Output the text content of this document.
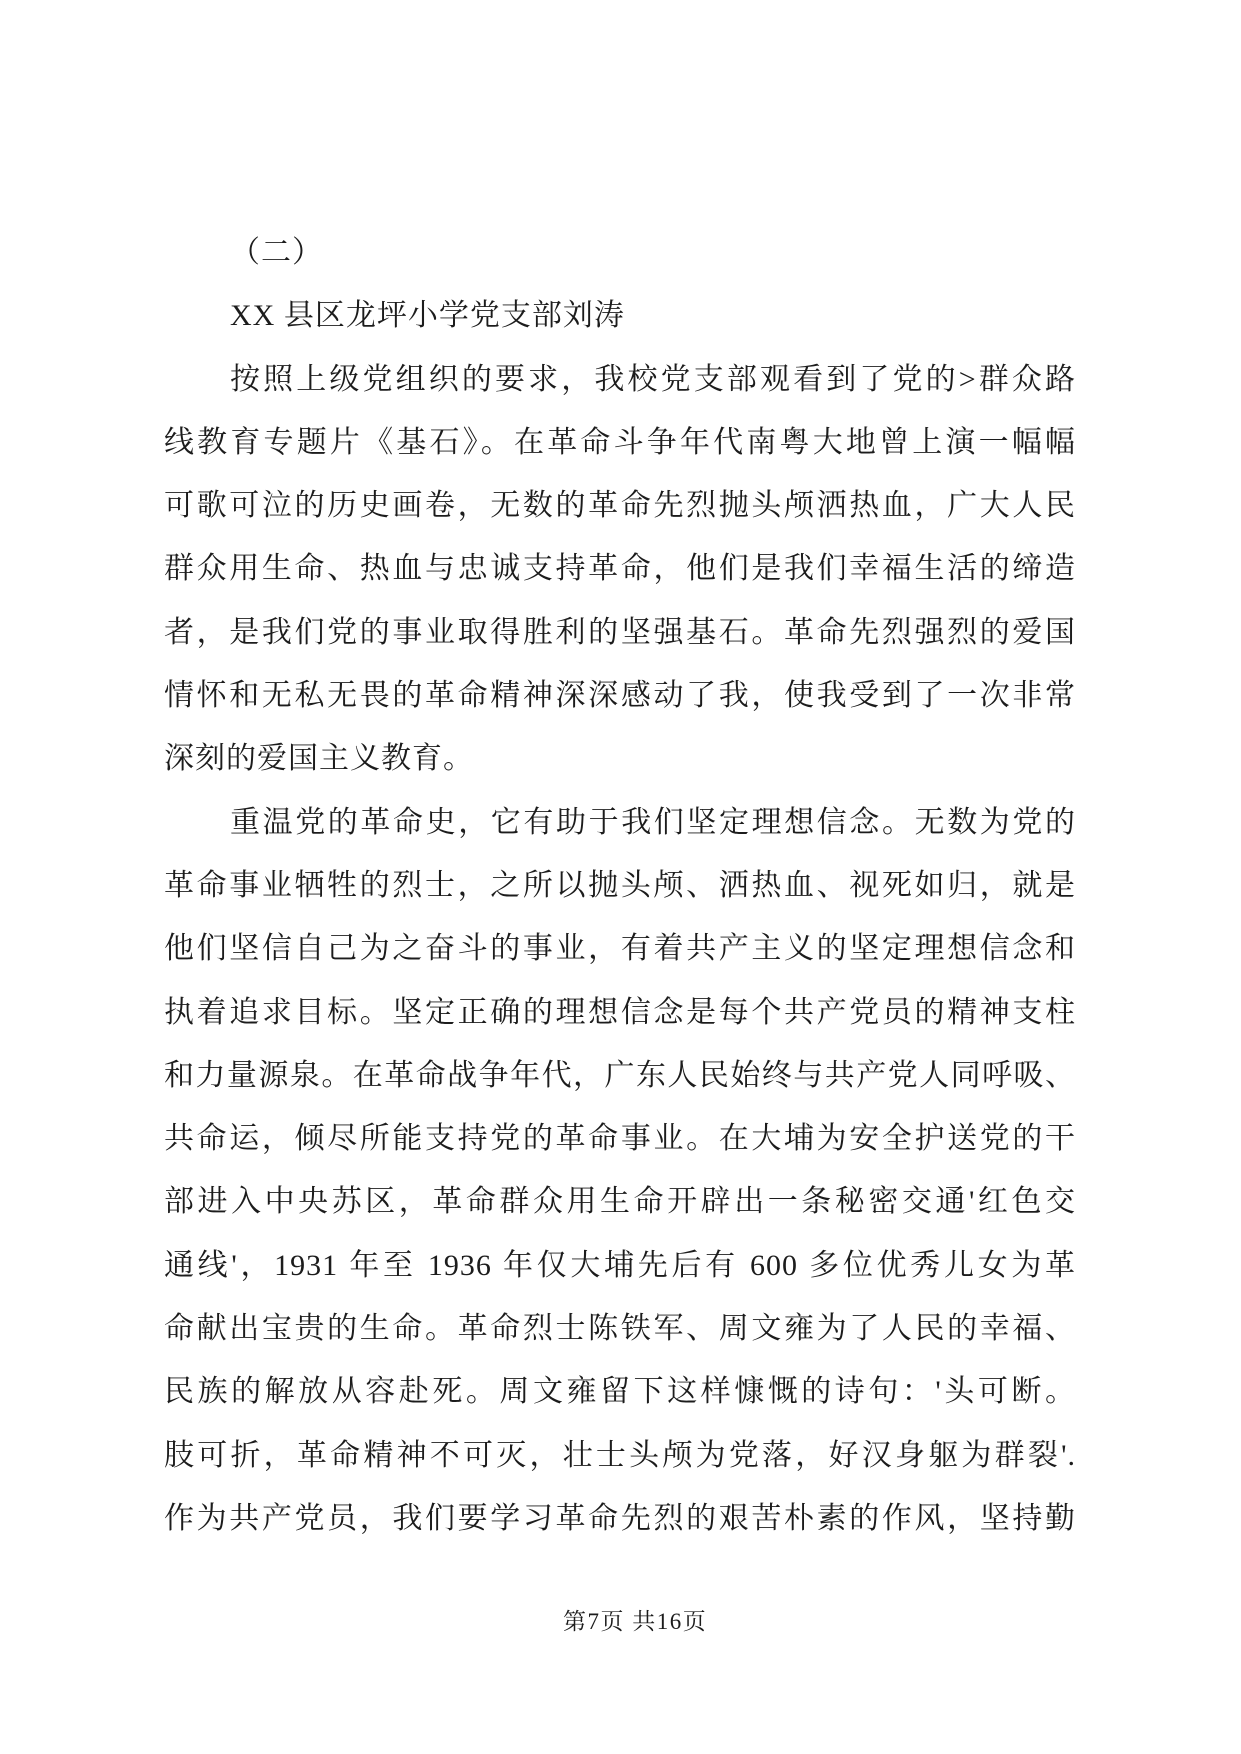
（二）
XX 县区龙坪小学党支部刘涛
按照上级党组织的要求，我校党支部观看到了党的>群众路
线教育专题片《基石》。在革命斗争年代南粤大地曾上演一幅幅
可歌可泣的历史画卷，无数的革命先烈抛头颅洒热血，广大人民
群众用生命、热血与忠诚支持革命，他们是我们幸福生活的缔造
者，是我们党的事业取得胜利的坚强基石。革命先烈强烈的爱国
情怀和无私无畏的革命精神深深感动了我，使我受到了一次非常
深刻的爱国主义教育。
重温党的革命史，它有助于我们坚定理想信念。无数为党的
革命事业牺牲的烈士，之所以抛头颅、洒热血、视死如归，就是
他们坚信自己为之奋斗的事业，有着共产主义的坚定理想信念和
执着追求目标。坚定正确的理想信念是每个共产党员的精神支柱
和力量源泉。在革命战争年代，广东人民始终与共产党人同呼吸、
共命运，倾尽所能支持党的革命事业。在大埔为安全护送党的干
部进入中央苏区，革命群众用生命开辟出一条秘密交通'红色交
通线'，1931 年至 1936 年仅大埔先后有 600 多位优秀儿女为革
命献出宝贵的生命。革命烈士陈铁军、周文雍为了人民的幸福、
民族的解放从容赴死。周文雍留下这样慷慨的诗句：'头可断。
肢可折，革命精神不可灭，壮士头颅为党落，好汉身躯为群裂'.
作为共产党员，我们要学习革命先烈的艰苦朴素的作风，坚持勤
第7页 共16页
